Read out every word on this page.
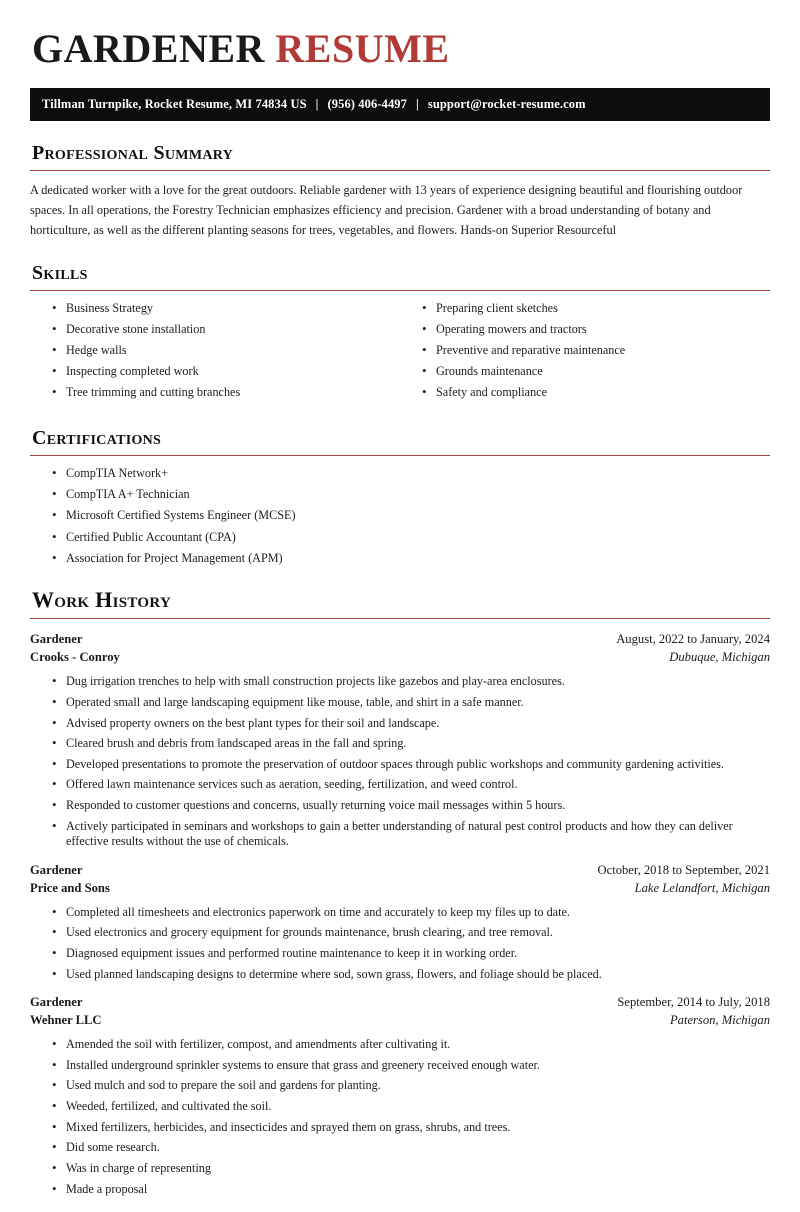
GARDENER RESUME
Tillman Turnpike, Rocket Resume, MI 74834 US | (956) 406-4497 | support@rocket-resume.com
Professional Summary

A dedicated worker with a love for the great outdoors. Reliable gardener with 13 years of experience designing beautiful and flourishing outdoor spaces. In all operations, the Forestry Technician emphasizes efficiency and precision. Gardener with a broad understanding of botany and horticulture, as well as the different planting seasons for trees, vegetables, and flowers. Hands-on Superior Resourceful

Skills
• Business Strategy
• Decorative stone installation
• Hedge walls
• Inspecting completed work
• Tree trimming and cutting branches
• Preparing client sketches
• Operating mowers and tractors
• Preventive and reparative maintenance
• Grounds maintenance
• Safety and compliance
Certifications
• CompTIA Network+
• CompTIA A+ Technician
• Microsoft Certified Systems Engineer (MCSE)
• Certified Public Accountant (CPA)
• Association for Project Management (APM)
Work History
Gardener	August, 2022 to January, 2024
Crooks - Conroy	Dubuque, Michigan
• Dug irrigation trenches to help with small construction projects like gazebos and play-area enclosures.
• Operated small and large landscaping equipment like mouse, table, and shirt in a safe manner.
• Advised property owners on the best plant types for their soil and landscape.
• Cleared brush and debris from landscaped areas in the fall and spring.
• Developed presentations to promote the preservation of outdoor spaces through public workshops and community gardening activities.
• Offered lawn maintenance services such as aeration, seeding, fertilization, and weed control.
• Responded to customer questions and concerns, usually returning voice mail messages within 5 hours.
• Actively participated in seminars and workshops to gain a better understanding of natural pest control products and how they can deliver effective results without the use of chemicals.
Gardener	October, 2018 to September, 2021
Price and Sons	Lake Lelandfort, Michigan
• Completed all timesheets and electronics paperwork on time and accurately to keep my files up to date.
• Used electronics and grocery equipment for grounds maintenance, brush clearing, and tree removal.
• Diagnosed equipment issues and performed routine maintenance to keep it in working order.
• Used planned landscaping designs to determine where sod, sown grass, flowers, and foliage should be placed.
Gardener	September, 2014 to July, 2018
Wehner LLC	Paterson, Michigan
• Amended the soil with fertilizer, compost, and amendments after cultivating it.
• Installed underground sprinkler systems to ensure that grass and greenery received enough water.
• Used mulch and sod to prepare the soil and gardens for planting.
• Weeded, fertilized, and cultivated the soil.
• Mixed fertilizers, herbicides, and insecticides and sprayed them on grass, shrubs, and trees.
• Did some research.
• Was in charge of representing
• Made a proposal
